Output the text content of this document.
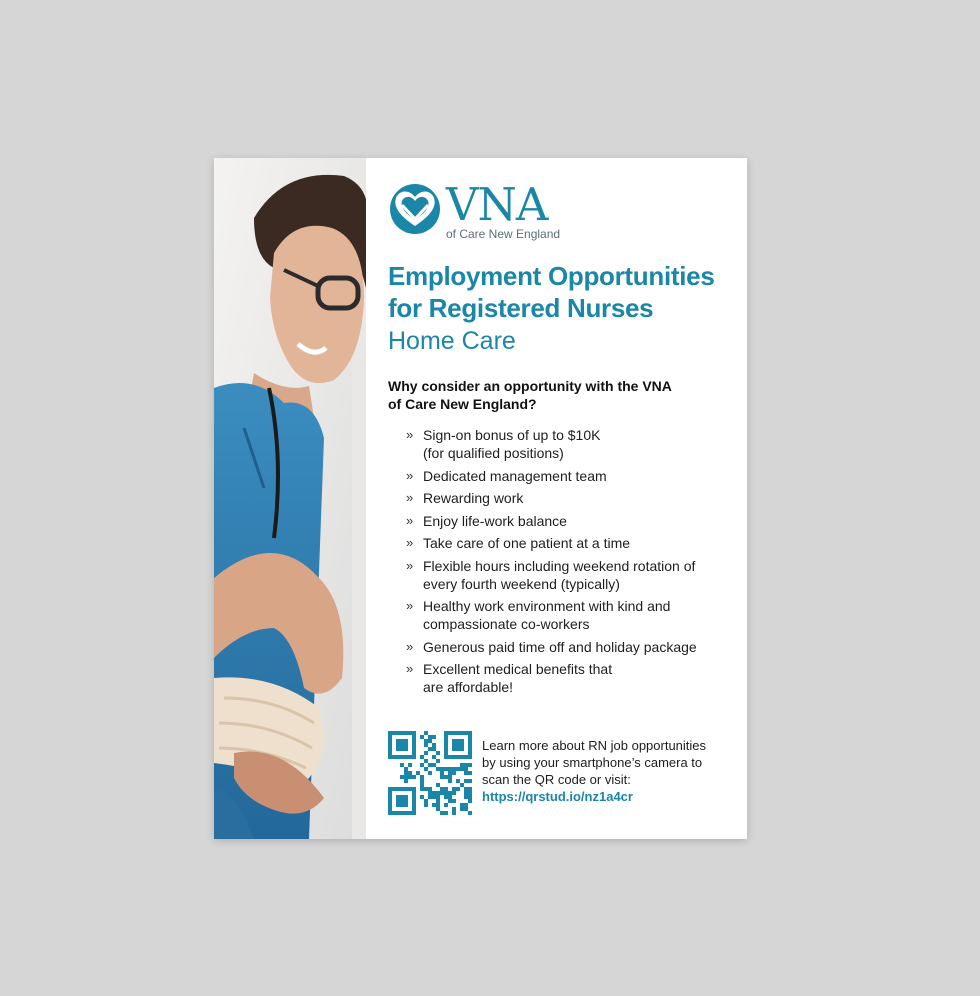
VNA
of Care New England
Employment Opportunities
for Registered Nurses
Home Care
Why consider an opportunity with the VNA
of Care New England?
» Sign-on bonus of up to $10K
(for qualified positions)
» Dedicated management team
» Rewarding work
» Enjoy life-work balance
» Take care of one patient at a time
» Flexible hours including weekend rotation of
every fourth weekend (typically)
» Healthy work environment with kind and
compassionate co-workers
» Generous paid time off and holiday package
» Excellent medical benefits that
are affordable!
Learn more about RN job opportunities
by using your smartphone’s camera to
scan the QR code or visit:
https://qrstud.io/nz1a4cr
